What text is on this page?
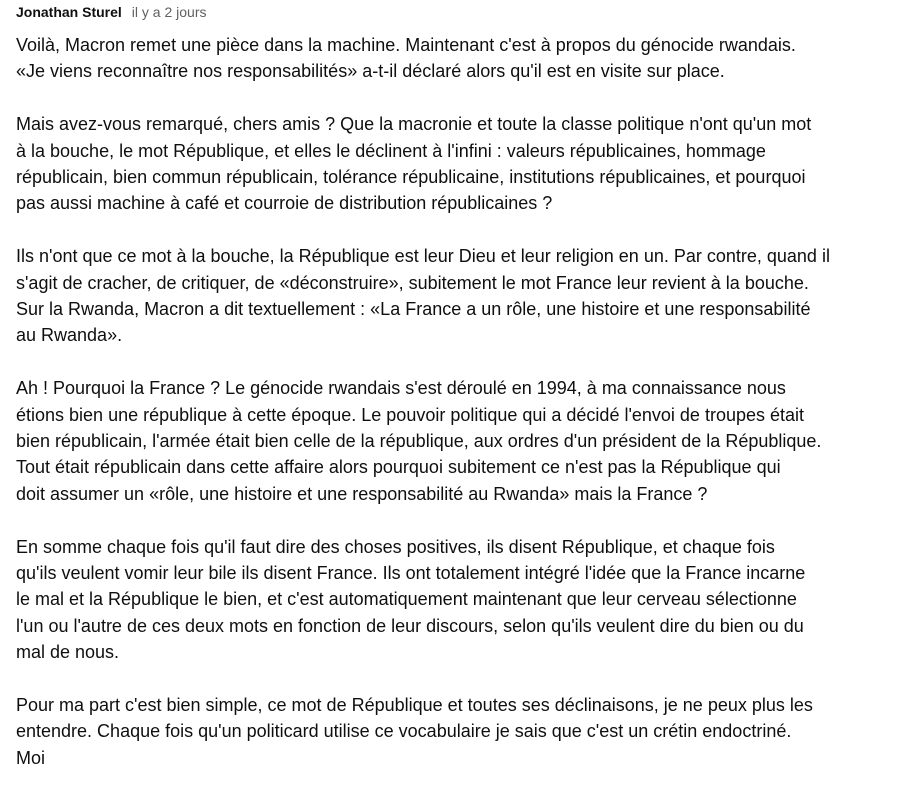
Jonathan Sturel il y a 2 jours

Voilà, Macron remet une pièce dans la machine. Maintenant c'est à propos du génocide rwandais.
«Je viens reconnaître nos responsabilités» a-t-il déclaré alors qu'il est en visite sur place.

Mais avez-vous remarqué, chers amis ? Que la macronie et toute la classe politique n'ont qu'un mot
à la bouche, le mot République, et elles le déclinent à l'infini : valeurs républicaines, hommage
républicain, bien commun républicain, tolérance républicaine, institutions républicaines, et pourquoi
pas aussi machine à café et courroie de distribution républicaines ?

Ils n'ont que ce mot à la bouche, la République est leur Dieu et leur religion en un. Par contre, quand il
s'agit de cracher, de critiquer, de «déconstruire», subitement le mot France leur revient à la bouche.
Sur la Rwanda, Macron a dit textuellement : «La France a un rôle, une histoire et une responsabilité
au Rwanda».

Ah ! Pourquoi la France ? Le génocide rwandais s'est déroulé en 1994, à ma connaissance nous
étions bien une république à cette époque. Le pouvoir politique qui a décidé l'envoi de troupes était
bien républicain, l'armée était bien celle de la république, aux ordres d'un président de la République.
Tout était républicain dans cette affaire alors pourquoi subitement ce n'est pas la République qui
doit assumer un «rôle, une histoire et une responsabilité au Rwanda» mais la France ?

En somme chaque fois qu'il faut dire des choses positives, ils disent République, et chaque fois
qu'ils veulent vomir leur bile ils disent France. Ils ont totalement intégré l'idée que la France incarne
le mal et la République le bien, et c'est automatiquement maintenant que leur cerveau sélectionne
l'un ou l'autre de ces deux mots en fonction de leur discours, selon qu'ils veulent dire du bien ou du
mal de nous.

Pour ma part c'est bien simple, ce mot de République et toutes ses déclinaisons, je ne peux plus les
entendre. Chaque fois qu'un politicard utilise ce vocabulaire je sais que c'est un crétin endoctriné.
Moi
